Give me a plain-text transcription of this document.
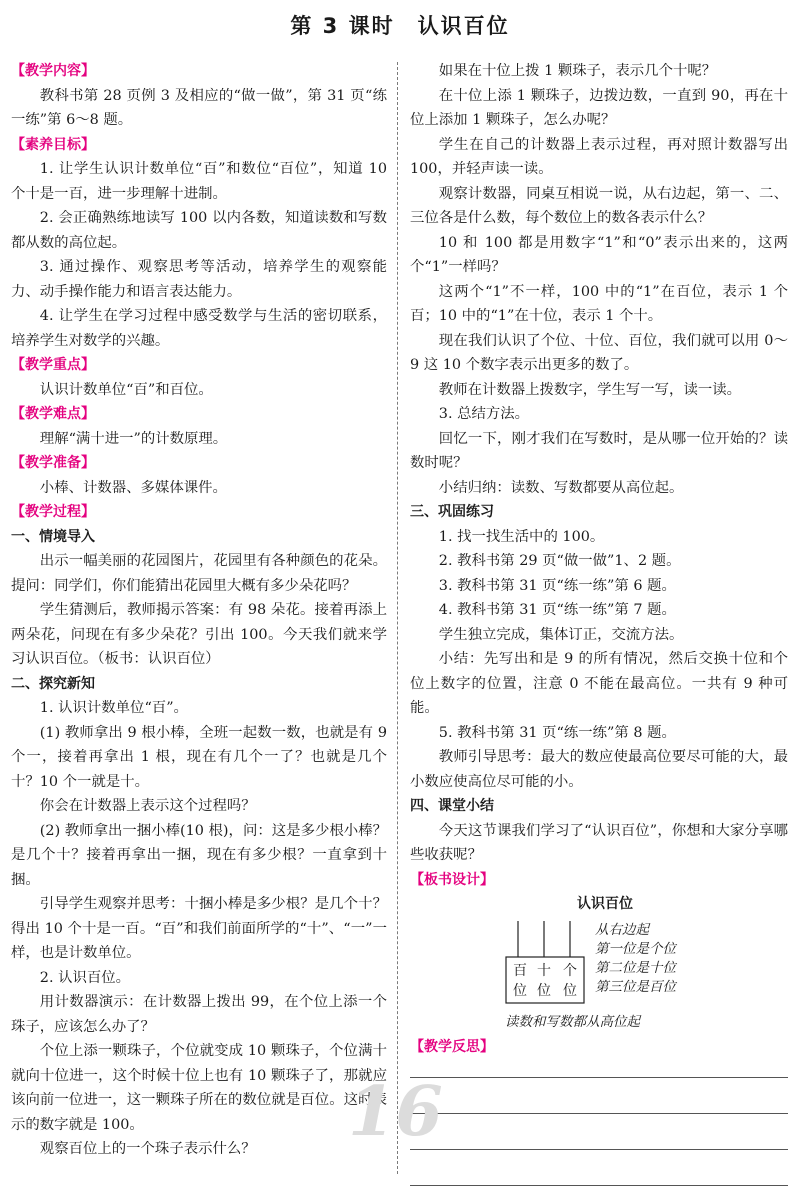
第 3 课时　认识百位
【教学内容】
教科书第 28 页例 3 及相应的“做一做”，第 31 页“练一练”第 6～8 题。
【素养目标】
1. 让学生认识计数单位“百”和数位“百位”，知道 10 个十是一百，进一步理解十进制。
2. 会正确熟练地读写 100 以内各数，知道读数和写数都从数的高位起。
3. 通过操作、观察思考等活动，培养学生的观察能力、动手操作能力和语言表达能力。
4. 让学生在学习过程中感受数学与生活的密切联系，培养学生对数学的兴趣。
【教学重点】
认识计数单位“百”和百位。
【教学难点】
理解“满十进一”的计数原理。
【教学准备】
小棒、计数器、多媒体课件。
【教学过程】
一、情境导入
出示一幅美丽的花园图片，花园里有各种颜色的花朵。提问：同学们，你们能猜出花园里大概有多少朵花吗？
学生猜测后，教师揭示答案：有 98 朵花。接着再添上两朵花，问现在有多少朵花？引出 100。今天我们就来学习认识百位。（板书：认识百位）
二、探究新知
1. 认识计数单位“百”。
(1) 教师拿出 9 根小棒，全班一起数一数，也就是有 9 个一，接着再拿出 1 根，现在有几个一了？也就是几个十？10 个一就是十。
你会在计数器上表示这个过程吗？
(2) 教师拿出一捆小棒(10 根)，问：这是多少根小棒？是几个十？接着再拿出一捆，现在有多少根？一直拿到十捆。
引导学生观察并思考：十捆小棒是多少根？是几个十？得出 10 个十是一百。“百”和我们前面所学的“十”、“一”一样，也是计数单位。
2. 认识百位。
用计数器演示：在计数器上拨出 99，在个位上添一个珠子，应该怎么办了？
个位上添一颗珠子，个位就变成 10 颗珠子，个位满十就向十位进一，这个时候十位上也有 10 颗珠子了，那就应该向前一位进一，这一颗珠子所在的数位就是百位。这时表示的数字就是 100。
观察百位上的一个珠子表示什么？
如果在十位上拨 1 颗珠子，表示几个十呢？
在十位上添 1 颗珠子，边拨边数，一直到 90，再在十位上添加 1 颗珠子，怎么办呢？
学生在自己的计数器上表示过程，再对照计数器写出 100，并轻声读一读。
观察计数器，同桌互相说一说，从右边起，第一、二、三位各是什么数，每个数位上的数各表示什么？
10 和 100 都是用数字“1”和“0”表示出来的，这两个“1”一样吗？
这两个“1”不一样，100 中的“1”在百位，表示 1 个百；10 中的“1”在十位，表示 1 个十。
现在我们认识了个位、十位、百位，我们就可以用 0～9 这 10 个数字表示出更多的数了。
教师在计数器上拨数字，学生写一写，读一读。
3. 总结方法。
回忆一下，刚才我们在写数时，是从哪一位开始的？读数时呢？
小结归纳：读数、写数都要从高位起。
三、巩固练习
1. 找一找生活中的 100。
2. 教科书第 29 页“做一做”1、2 题。
3. 教科书第 31 页“练一练”第 6 题。
4. 教科书第 31 页“练一练”第 7 题。
学生独立完成，集体订正，交流方法。
小结：先写出和是 9 的所有情况，然后交换十位和个位上数字的位置，注意 0 不能在最高位。一共有 9 种可能。
5. 教科书第 31 页“练一练”第 8 题。
教师引导思考：最大的数应使最高位要尽可能的大，最小数应使高位尽可能的小。
四、课堂小结
今天这节课我们学习了“认识百位”，你想和大家分享哪些收获呢？
【板书设计】
认识百位
百 十 个
位 位 位
从右边起
第一位是个位
第二位是十位
第三位是百位
读数和写数都从高位起
【教学反思】
16
